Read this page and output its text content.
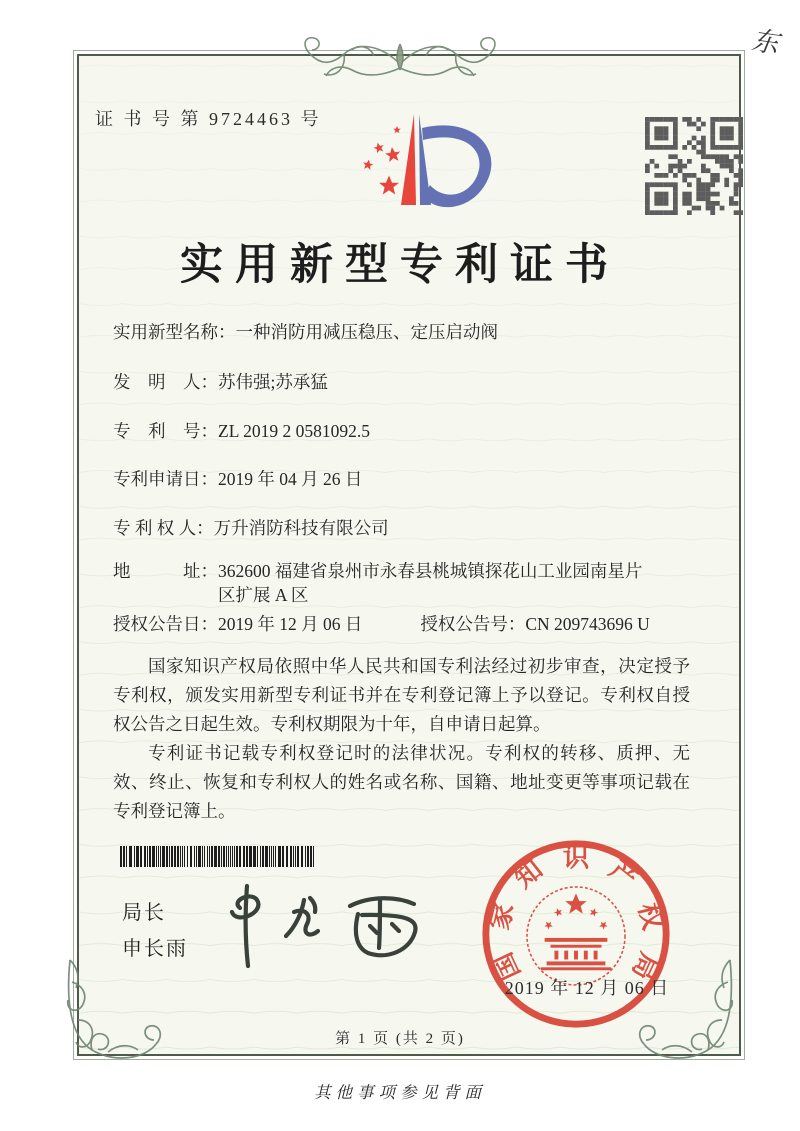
东
证 书 号 第 9724463 号
实用新型专利证书
实用新型名称： 一种消防用减压稳压、定压启动阀
发　明　人： 苏伟强;苏承猛
专　利　号： ZL 2019 2 0581092.5
专利申请日： 2019 年 04 月 26 日
专 利 权 人： 万升消防科技有限公司
地　　　址： 362600 福建省泉州市永春县桃城镇探花山工业园南星片区扩展 A 区
授权公告日： 2019 年 12 月 06 日	授权公告号： CN 209743696 U

国家知识产权局依照中华人民共和国专利法经过初步审查，决定授予专利权，颁发实用新型专利证书并在专利登记簿上予以登记。专利权自授权公告之日起生效。专利权期限为十年，自申请日起算。

专利证书记载专利权登记时的法律状况。专利权的转移、质押、无效、终止、恢复和专利权人的姓名或名称、国籍、地址变更等事项记载在专利登记簿上。

局长
申长雨	国
家
知 识 产
权
局
2019 年 12 月 06 日
第 1 页 (共 2 页)
其他事项参见背面
